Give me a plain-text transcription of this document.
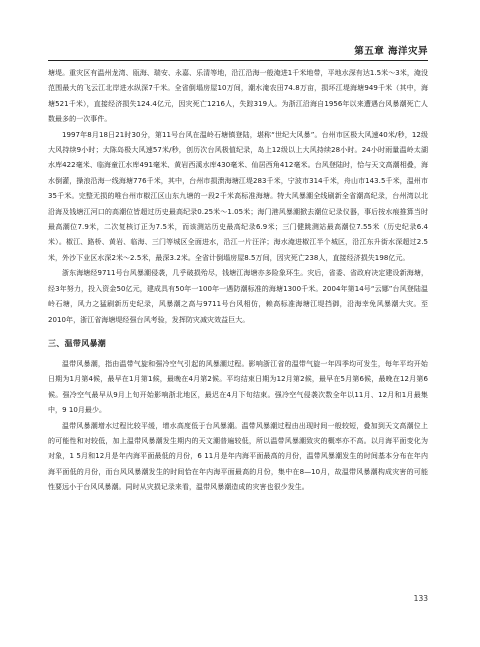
第五章 海洋灾异

塘堤。重灾区有温州龙湾、瓯海、瑞安、永嘉、乐清等地，沿江沿海一般淹进1千米地带，平地水深有达1.5米～3米，淹没范围最大的飞云江北岸进水纵深7千米。全省倒塌房屋10万间，潮水淹农田74.8万亩，损坏江堤海塘949千米（其中，海塘521千米），直接经济损失124.4亿元，因灾死亡1216人，失踪319人。为浙江沿海自1956年以来遭遇台风暴潮死亡人数最多的一次事件。

1997年8月18日21时30分，第11号台风在温岭石塘镇登陆，堪称“世纪大风暴”。台州市区极大风速40米/秒，12级大风持续9小时；大陈岛极大风速57米/秒，创历次台风极值纪录，岛上12级以上大风持续28小时。24小时雨量温岭太湖水库422毫米、临海童江水库491毫米、黄岩西溪水库430毫米、仙居西角412毫米。台风登陆时，恰与天文高潮相叠，海水倒灌，操浪沿海一线海塘776千米，其中，台州市损溃海塘江堤283千米，宁波市314千米，舟山市143.5千米，温州市35千米。完整无损的唯台州市椒江区山东九塘的一段2千米高标准海塘。特大风暴潮全线刷新全省潮高纪录，台州湾以北沿海及钱塘江河口的高潮位皆超过历史最高纪录0.25米～1.05米；海门港风暴潮掀去潮位记录仪器，事后按水痕推算当时最高潮位7.9米，二次复核订正为7.5米，而该测站历史最高纪录6.9米；三门健跳测站最高潮位7.55米（历史纪录6.4米）。椒江、路桥、黄岩、临海、三门等城区全面进水，沿江一片汪洋；海水淹进椒江半个城区，沿江东升街水深超过2.5米，外沙下业区水深2米～2.5米，最深3.2米。全省计倒塌房屋8.5万间，因灾死亡238人，直接经济损失198亿元。

浙东海塘经9711号台风暴潮侵袭，几乎破损殆尽，钱塘江海塘亦多险象环生。灾后，省委、省政府决定建设新海塘，经3年努力，投入资金50亿元，建成具有50年一100年一遇防潮标准的海塘1300千米。2004年第14号“云娜”台风登陆温岭石塘，风力之猛刷新历史纪录，风暴潮之高与9711号台风相仿，赖高标准海塘江堤挡御，沿海幸免风暴潮大灾。至2010年，浙江省海塘堤经强台风考验，发挥防灾减灾效益巨大。

三、温带风暴潮

温带风暴潮，指由温带气旋和强冷空气引起的风暴潮过程。影响浙江省的温带气旋一年四季均可发生，每年平均开始日期为1月第4候，最早在1月第1候，最晚在4月第2候。平均结束日期为12月第2候，最早在5月第6候，最晚在12月第6候。强冷空气最早从9月上旬开始影响浙北地区，最迟在4月下旬结束。强冷空气侵袭次数全年以11月、12月和1月最集中，9 10月最少。

温带风暴潮增水过程比较平缓，增水高度低于台风暴潮。温带风暴潮过程由出现时间一般较短，叠加到天文高潮位上的可能性和对较低，加上温带风暴潮发生期内的天文潮普遍较低，所以温带风暴潮致灾的概率亦不高。以月海平面变化为对象，1 5月和12月是年内海平面最低的月份，6 11月是年内海平面最高的月份，温带风暴潮发生的时间基本分布在年内海平面低的月份，而台风风暴潮发生的时间恰在年内海平面最高的月份，集中在8—10月，故温带风暴潮构成灾害的可能性要远小于台风风暴潮。同时从灾损记录来看，温带风暴潮造成的灾害也很少发生。

133
